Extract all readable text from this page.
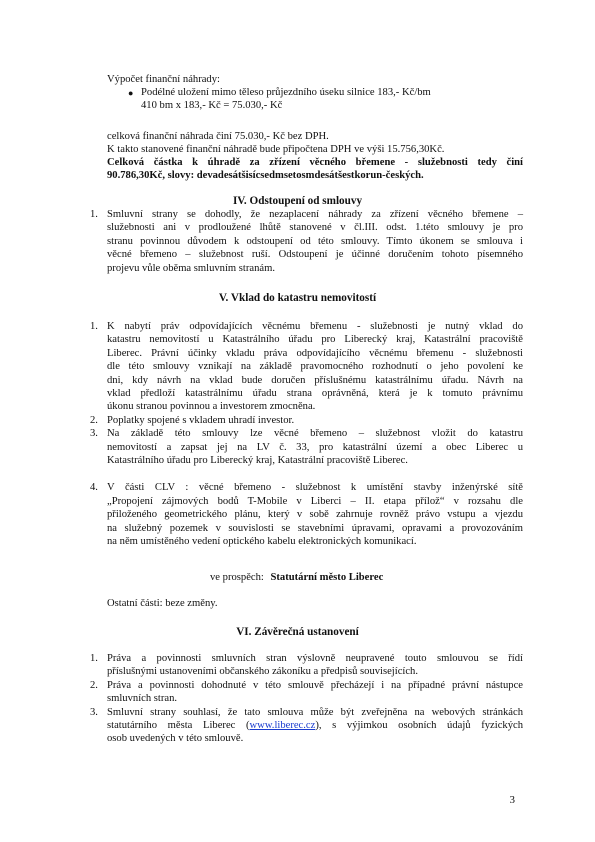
Výpočet finanční náhrady:
● Podélné uložení mimo těleso průjezdního úseku silnice 183,- Kč/bm
410 bm x 183,- Kč = 75.030,- Kč
celková finanční náhrada činí 75.030,- Kč bez DPH.
K takto stanovené finanční náhradě bude připočtena DPH ve výši 15.756,30Kč.
Celková částka k úhradě za zřízení věcného břemene - služebnosti tedy činí
90.786,30Kč, slovy: devadesátšisícsedmsetosmdesátšestkorun-českých.
IV. Odstoupení od smlouvy
1. Smluvní strany se dohodly, že nezaplacení náhrady za zřízení věcného břemene –
služebnosti ani v prodloužené lhůtě stanovené v čl.III. odst. 1.této smlouvy je pro
stranu povinnou důvodem k odstoupení od této smlouvy. Tímto úkonem se smlouva i
věcné břemeno – služebnost ruší. Odstoupení je účinné doručením tohoto písemného
projevu vůle oběma smluvním stranám.
V. Vklad do katastru nemovitostí
1. K nabytí práv odpovídajících věcnému břemenu - služebnosti je nutný vklad do
katastru nemovitostí u Katastrálního úřadu pro Liberecký kraj, Katastrální pracoviště
Liberec. Právní účinky vkladu práva odpovídajícího věcnému břemenu - služebnosti
dle této smlouvy vznikají na základě pravomocného rozhodnutí o jeho povolení ke
dni, kdy návrh na vklad bude doručen příslušnému katastrálnímu úřadu. Návrh na
vklad předloží katastrálnímu úřadu strana oprávněná, která je k tomuto právnímu
úkonu stranou povinnou a investorem zmocněna.
2. Poplatky spojené s vkladem uhradí investor.
3. Na základě této smlouvy lze věcné břemeno – služebnost vložit do katastru
nemovitostí a zapsat jej na LV č. 33, pro katastrální území a obec Liberec u
Katastrálního úřadu pro Liberecký kraj, Katastrální pracoviště Liberec.
4. V části CLV : věcné břemeno - služebnost k umístění stavby inženýrské sítě
„Propojení zájmových bodů T-Mobile v Liberci – II. etapa přílož“ v rozsahu dle
přiloženého geometrického plánu, který v sobě zahrnuje rovněž právo vstupu a vjezdu
na služebný pozemek v souvislosti se stavebními úpravami, opravami a provozováním
na něm umístěného vedení optického kabelu elektronických komunikací.
ve prospěch: Statutární město Liberec
Ostatní části: beze změny.
VI. Závěrečná ustanovení
1. Práva a povinnosti smluvních stran výslovně neupravené touto smlouvou se řídí
příslušnými ustanoveními občanského zákoníku a předpisů souvisejících.
2. Práva a povinnosti dohodnuté v této smlouvě přecházejí i na případné právní nástupce
smluvních stran.
3. Smluvní strany souhlasí, že tato smlouva může být zveřejněna na webových stránkách
statutárního města Liberec (www.liberec.cz), s výjimkou osobních údajů fyzických
osob uvedených v této smlouvě.
3
